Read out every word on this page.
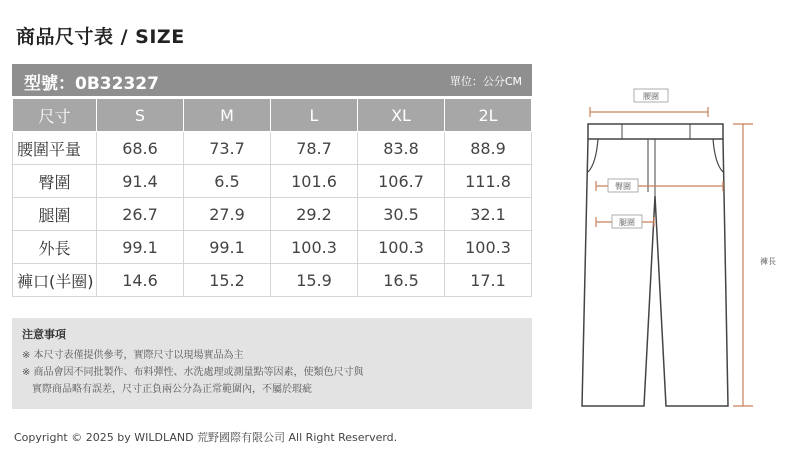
商品尺寸表 / SIZE
型號：0B32327	單位：公分CM
尺寸	S	M	L	XL	2L
腰圍平量	68.6	73.7	78.7	83.8	88.9
臀圍	91.4	6.5	101.6	106.7	111.8
腿圍	26.7	27.9	29.2	30.5	32.1
外長	99.1	99.1	100.3	100.3	100.3
褲口(半圈)	14.6	15.2	15.9	16.5	17.1
注意事項
※ 本尺寸表僅提供參考，實際尺寸以現場實品為主
※ 商品會因不同批製作、布料彈性、水洗處理或測量點等因素，使類色尺寸與
實際商品略有誤差，尺寸正負兩公分為正常範圍內，不屬於瑕疵
Copyright © 2025 by WILDLAND 荒野國際有限公司 All Right Reserverd.
腰圍
臀圍
腿圍
褲長
